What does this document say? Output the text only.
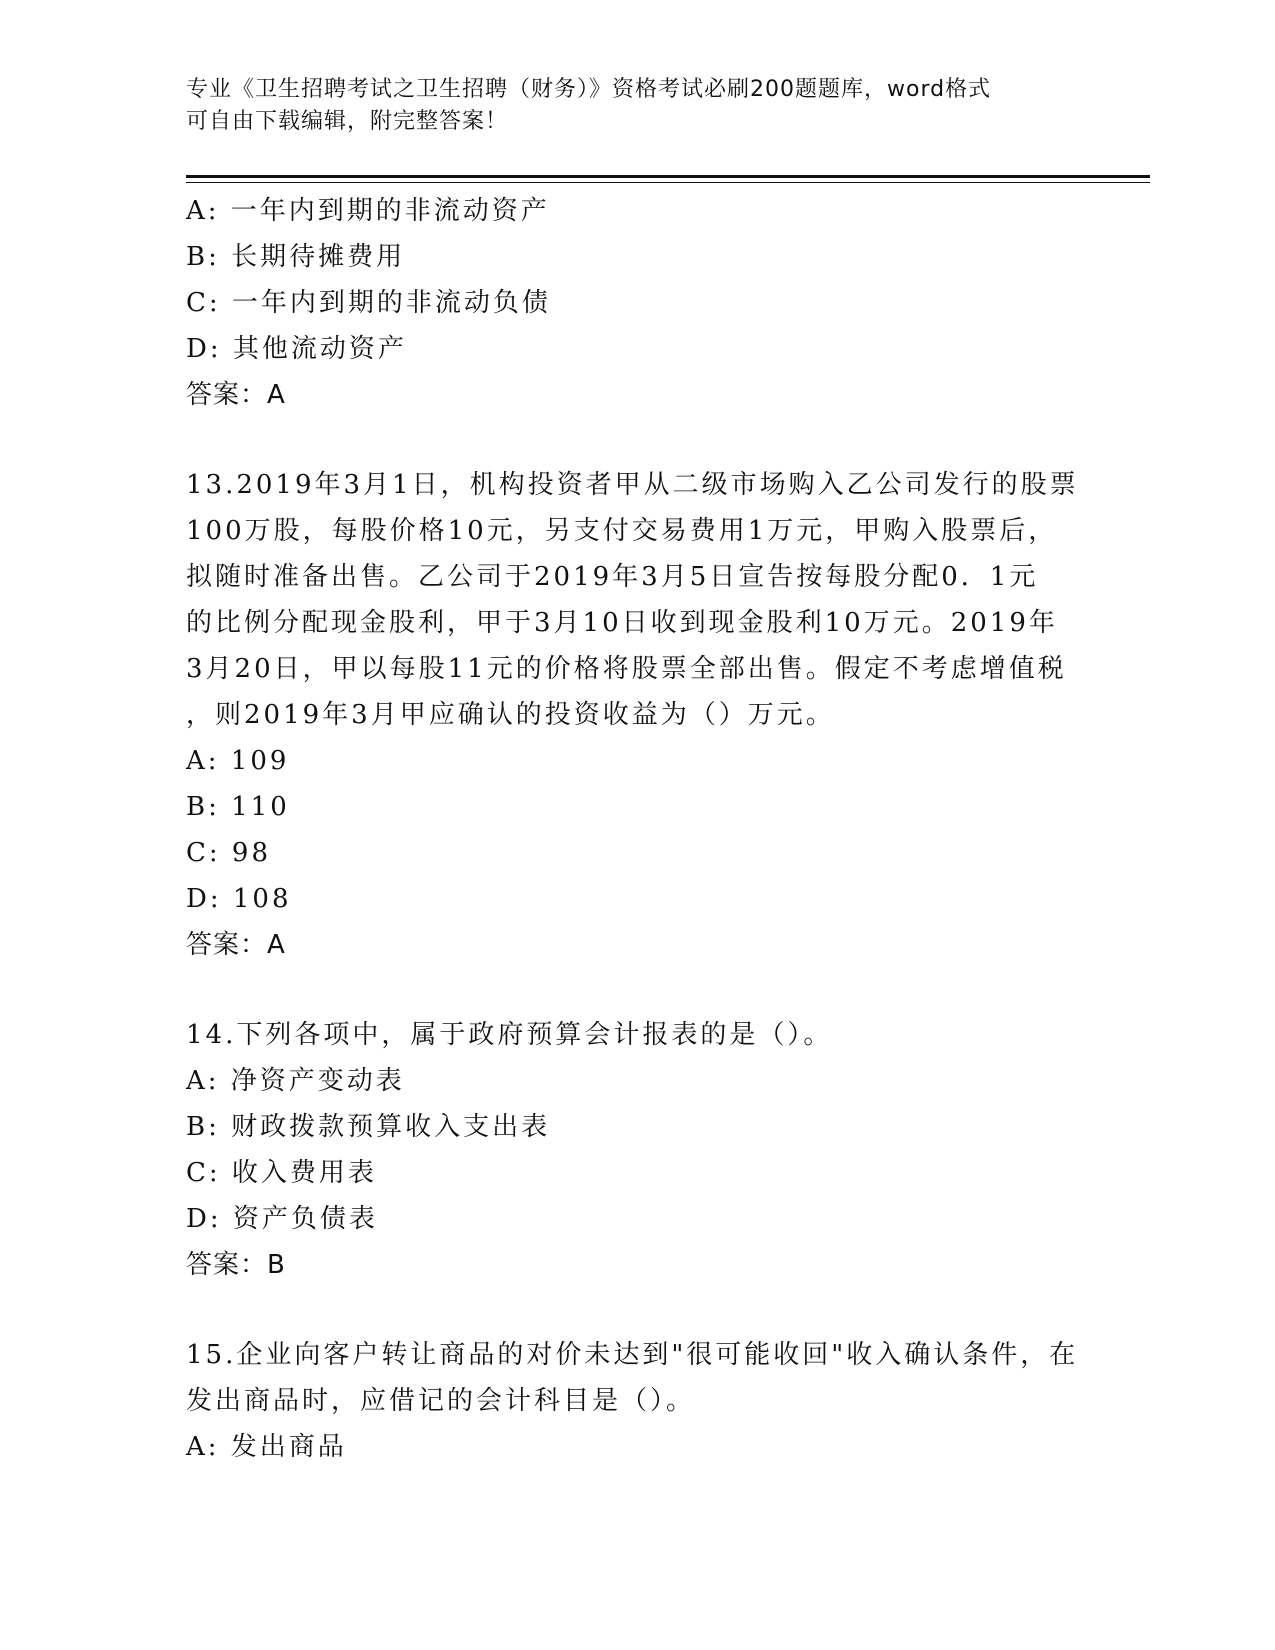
专业《卫生招聘考试之卫生招聘（财务）》资格考试必刷200题题库，word格式
可自由下载编辑，附完整答案！

A: 一年内到期的非流动资产

B: 长期待摊费用

C: 一年内到期的非流动负债

D: 其他流动资产

答案：A

13.2019年3月1日，机构投资者甲从二级市场购入乙公司发行的股票

100万股，每股价格10元，另支付交易费用1万元，甲购入股票后，

拟随时准备出售。乙公司于2019年3月5日宣告按每股分配0．1元

的比例分配现金股利，甲于3月10日收到现金股利10万元。2019年

3月20日，甲以每股11元的价格将股票全部出售。假定不考虑增值税

，则2019年3月甲应确认的投资收益为（）万元。

A: 109

B: 110

C: 98

D: 108

答案：A

14.下列各项中，属于政府预算会计报表的是（）。

A: 净资产变动表

B: 财政拨款预算收入支出表

C: 收入费用表

D: 资产负债表

答案：B

15.企业向客户转让商品的对价未达到"很可能收回"收入确认条件，在

发出商品时，应借记的会计科目是（）。

A: 发出商品
